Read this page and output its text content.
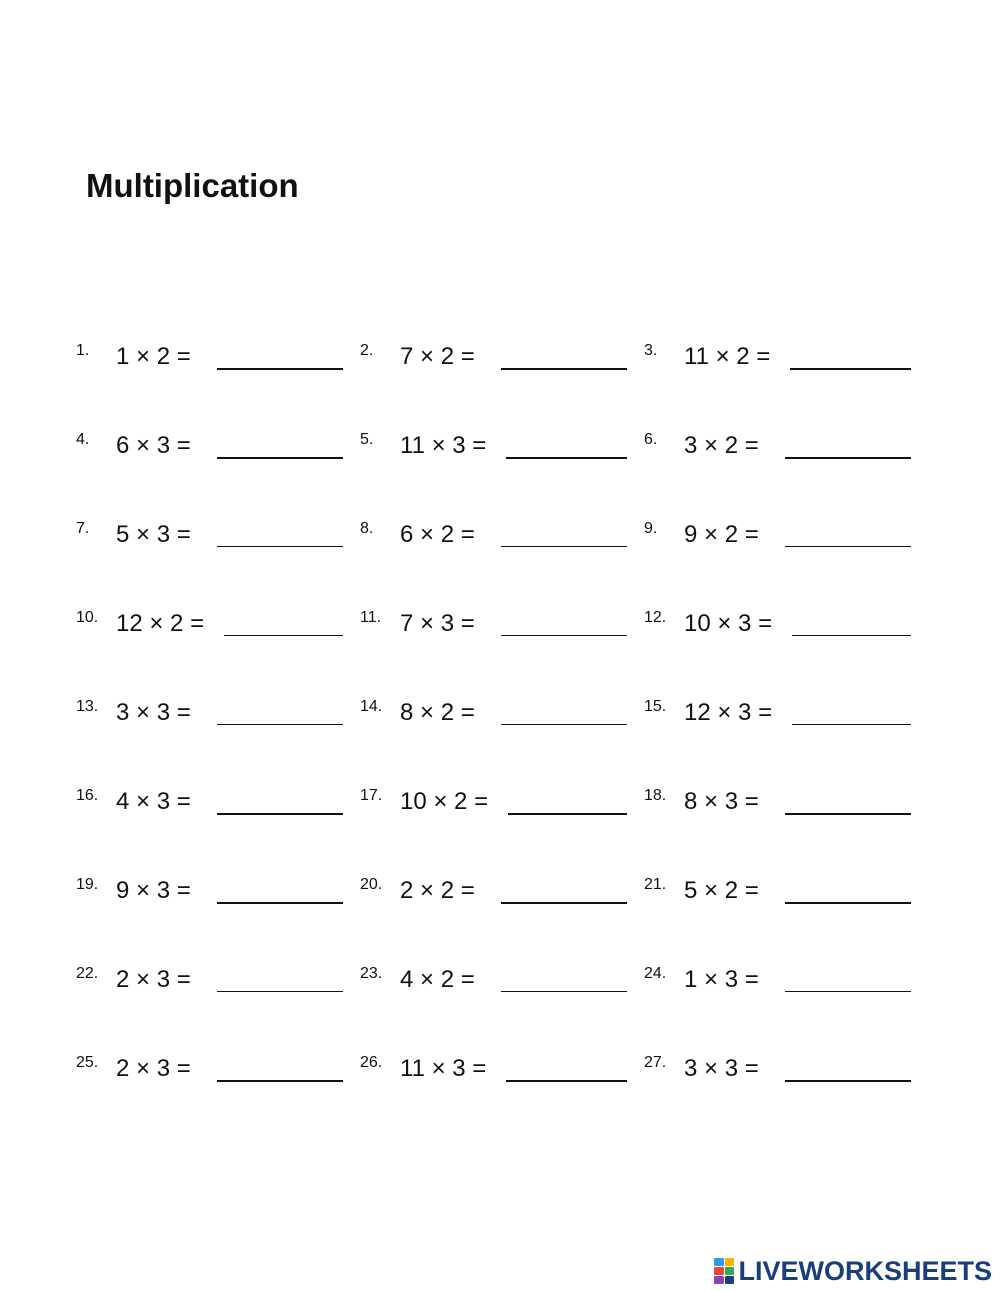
Multiplication
1. 1 × 2 =	2. 7 × 2 =	3. 11 × 2 =
4. 6 × 3 =	5. 11 × 3 =	6. 3 × 2 =
7. 5 × 3 =	8. 6 × 2 =	9. 9 × 2 =
10. 12 × 2 =	11. 7 × 3 =	12. 10 × 3 =
13. 3 × 3 =	14. 8 × 2 =	15. 12 × 3 =
16. 4 × 3 =	17. 10 × 2 =	18. 8 × 3 =
19. 9 × 3 =	20. 2 × 2 =	21. 5 × 2 =
22. 2 × 3 =	23. 4 × 2 =	24. 1 × 3 =
25. 2 × 3 =	26. 11 × 3 =	27. 3 × 3 =
LIVEWORKSHEETS
